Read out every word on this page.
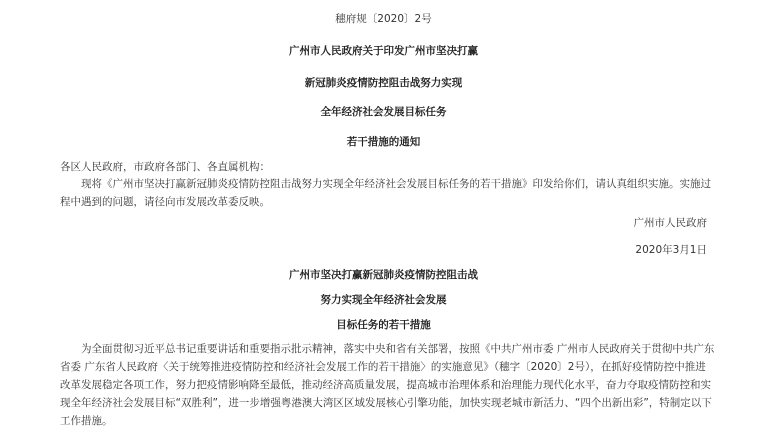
穗府规〔2020〕2号
广州市人民政府关于印发广州市坚决打赢
新冠肺炎疫情防控阻击战努力实现
全年经济社会发展目标任务
若干措施的通知
各区人民政府，市政府各部门、各直属机构：
现将《广州市坚决打赢新冠肺炎疫情防控阻击战努力实现全年经济社会发展目标任务的若干措施》印发给你们，请认真组织实施。实施过程中遇到的问题，请径向市发展改革委反映。
广州市人民政府
2020年3月1日
广州市坚决打赢新冠肺炎疫情防控阻击战
努力实现全年经济社会发展
目标任务的若干措施
为全面贯彻习近平总书记重要讲话和重要指示批示精神，落实中央和省有关部署，按照《中共广州市委 广州市人民政府关于贯彻中共广东省委 广东省人民政府〈关于统筹推进疫情防控和经济社会发展工作的若干措施〉的实施意见》（穗字〔2020〕2号），在抓好疫情防控中推进改革发展稳定各项工作，努力把疫情影响降至最低，推动经济高质量发展，提高城市治理体系和治理能力现代化水平，奋力夺取疫情防控和实现全年经济社会发展目标“双胜利”，进一步增强粤港澳大湾区区域发展核心引擎功能，加快实现老城市新活力、“四个出新出彩”，特制定以下工作措施。
